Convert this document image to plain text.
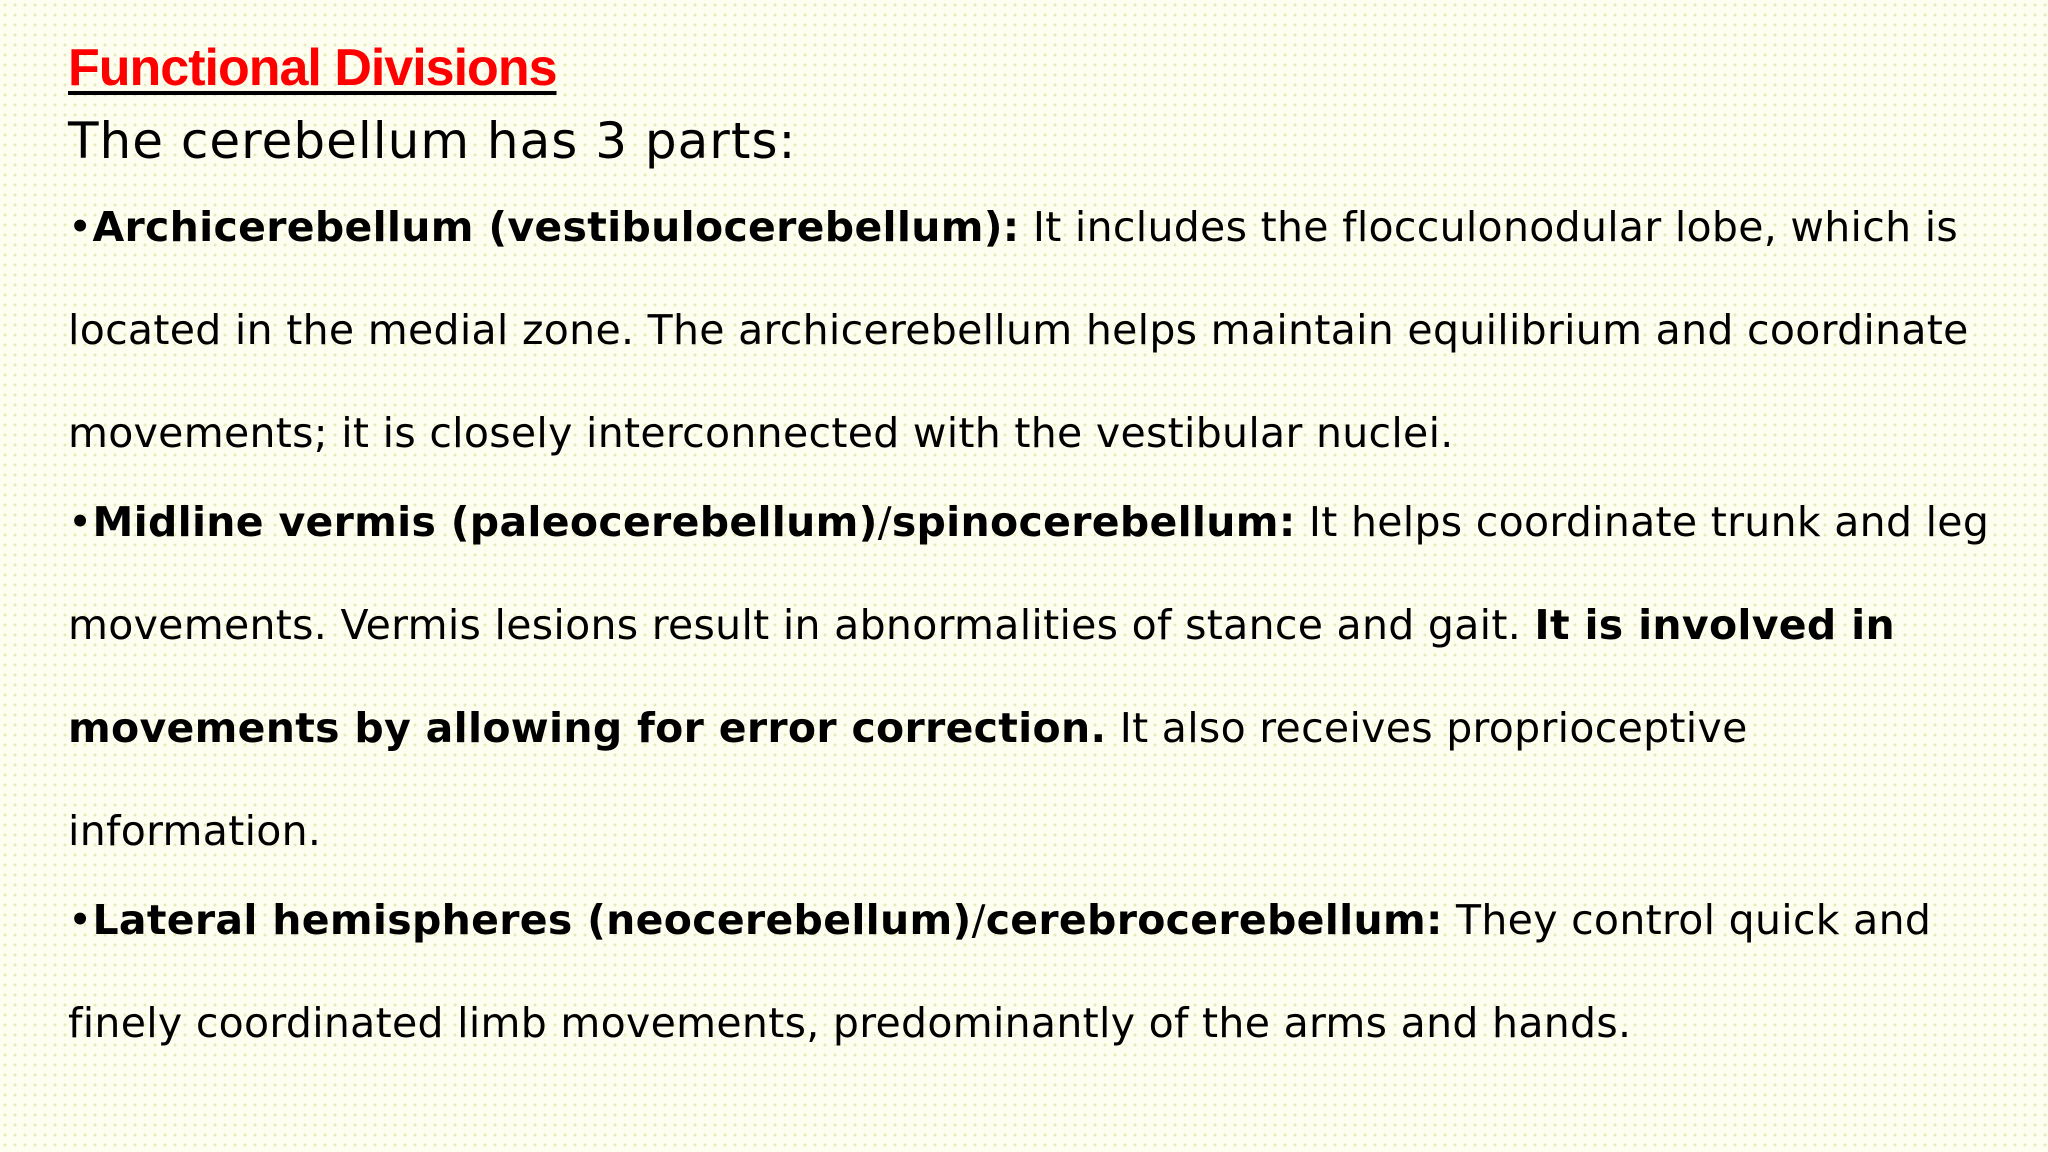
Functional Divisions

The cerebellum has 3 parts:

•Archicerebellum (vestibulocerebellum): It includes the flocculonodular lobe, which is located in the medial zone. The archicerebellum helps maintain equilibrium and coordinate movements; it is closely interconnected with the vestibular nuclei.

•Midline vermis (paleocerebellum)/spinocerebellum: It helps coordinate trunk and leg movements. Vermis lesions result in abnormalities of stance and gait. It is involved in movements by allowing for error correction. It also receives proprioceptive information.

•Lateral hemispheres (neocerebellum)/cerebrocerebellum: They control quick and finely coordinated limb movements, predominantly of the arms and hands.
